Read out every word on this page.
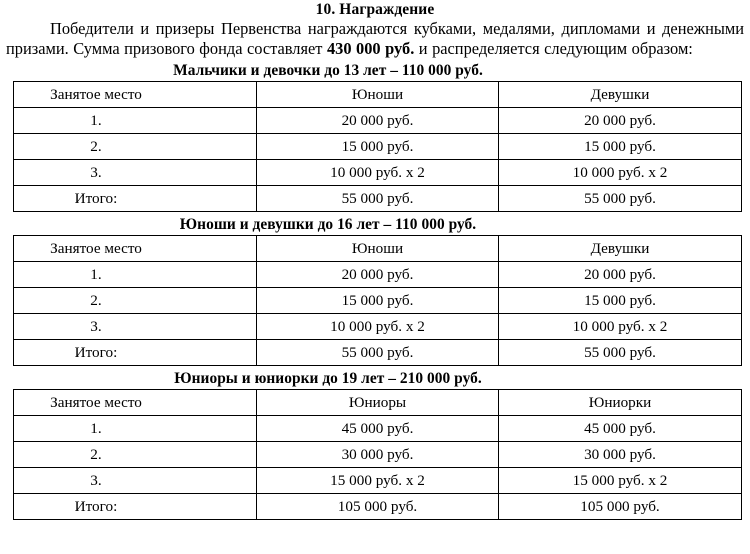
10. Награждение

Победители и призеры Первенства награждаются кубками, медалями, дипломами и денежными призами. Сумма призового фонда составляет 430 000 руб. и распределяется следующим образом:

Мальчики и девочки до 13 лет – 110 000 руб.
Занятое место	Юноши	Девушки
1.	20 000 руб.	20 000 руб.
2.	15 000 руб.	15 000 руб.
3.	10 000 руб. х 2	10 000 руб. х 2
Итого:	55 000 руб.	55 000 руб.
Юноши и девушки до 16 лет – 110 000 руб.
Занятое место	Юноши	Девушки
1.	20 000 руб.	20 000 руб.
2.	15 000 руб.	15 000 руб.
3.	10 000 руб. х 2	10 000 руб. х 2
Итого:	55 000 руб.	55 000 руб.
Юниоры и юниорки до 19 лет – 210 000 руб.
Занятое место	Юниоры	Юниорки
1.	45 000 руб.	45 000 руб.
2.	30 000 руб.	30 000 руб.
3.	15 000 руб. х 2	15 000 руб. х 2
Итого:	105 000 руб.	105 000 руб.
